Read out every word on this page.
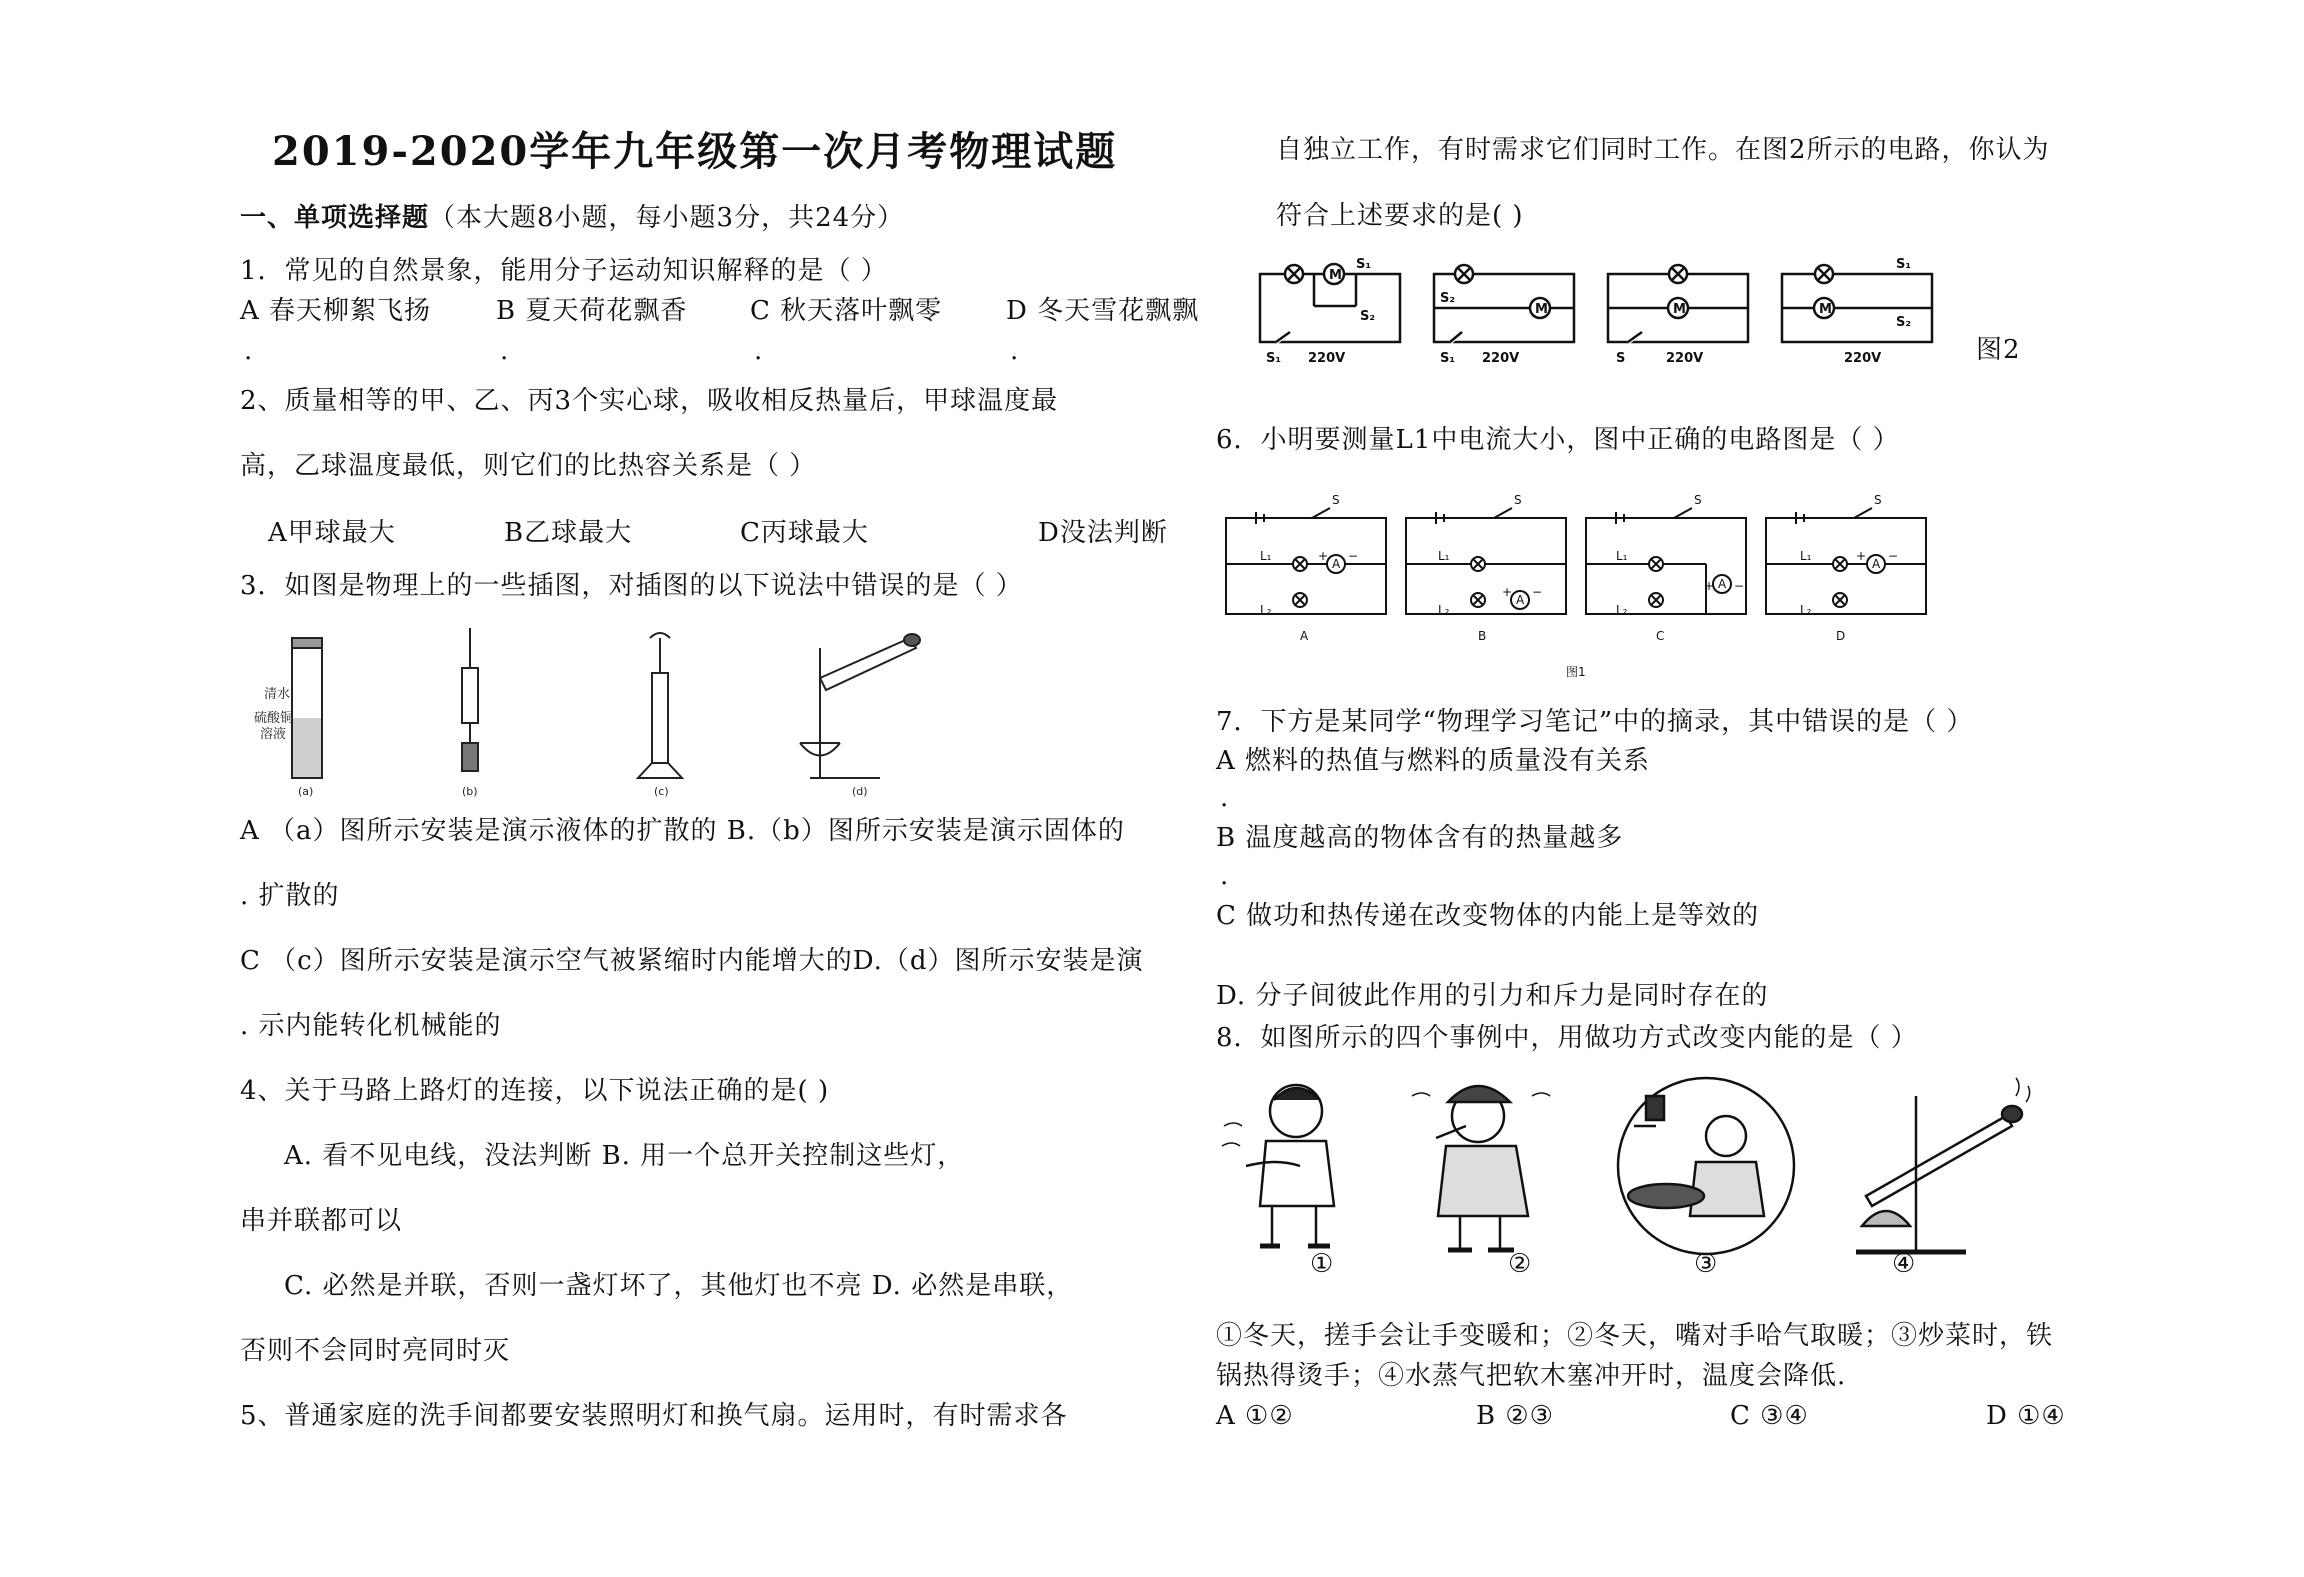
2019-2020学年九年级第一次月考物理试题
一、单项选择题（本大题8小题，每小题3分，共24分）
1．常见的自然景象，能用分子运动知识解释的是（ ）
A 春天柳絮飞扬 B 夏天荷花飘香 C 秋天落叶飘零 D 冬天雪花飘飘
.	.	.	.
2、质量相等的甲、乙、丙3个实心球，吸收相反热量后，甲球温度最
高，乙球温度最低，则它们的比热容关系是（ ）
A甲球最大	B乙球最大	C丙球最大	D没法判断
3．如图是物理上的一些插图，对插图的以下说法中错误的是（ ）
清水
硫酸铜
溶液
(a)	(b)	(c)	(d)
A （a）图所示安装是演示液体的扩散的 B.（b）图所示安装是演示固体的
. 扩散的
C （c）图所示安装是演示空气被紧缩时内能增大的D.（d）图所示安装是演
. 示内能转化机械能的
4、关于马路上路灯的连接，以下说法正确的是( )
A. 看不见电线，没法判断 B. 用一个总开关控制这些灯，
串并联都可以
C. 必然是并联，否则一盏灯坏了，其他灯也不亮 D. 必然是串联，
否则不会同时亮同时灭
5、普通家庭的洗手间都要安装照明灯和换气扇。运用时，有时需求各
自独立工作，有时需求它们同时工作。在图2所示的电路，你认为
符合上述要求的是( )
M
S₁
S₂
S₁ 220V
M
S₂
S₁ 220V
M
S	220V
M
S₁
S₂
220V	图2
6．小明要测量L1中电流大小，图中正确的电路图是（ ）
S
L₁
L₂
A
+ −
A
S
L₁
L₂
A
+ −
B
S
L₁
L₂
A
+ −
C
S
L₁
L₂
A
+ −
D
图1
7．下方是某同学“物理学习笔记”中的摘录，其中错误的是（ ）
A 燃料的热值与燃料的质量没有关系
.
B 温度越高的物体含有的热量越多
.
C 做功和热传递在改变物体的内能上是等效的
D. 分子间彼此作用的引力和斥力是同时存在的
8．如图所示的四个事例中，用做功方式改变内能的是（ ）
①	②	③	④
①冬天，搓手会让手变暖和；②冬天，嘴对手哈气取暖；③炒菜时，铁
锅热得烫手；④水蒸气把软木塞冲开时，温度会降低.
A ①②	B ②③	C ③④	D ①④
